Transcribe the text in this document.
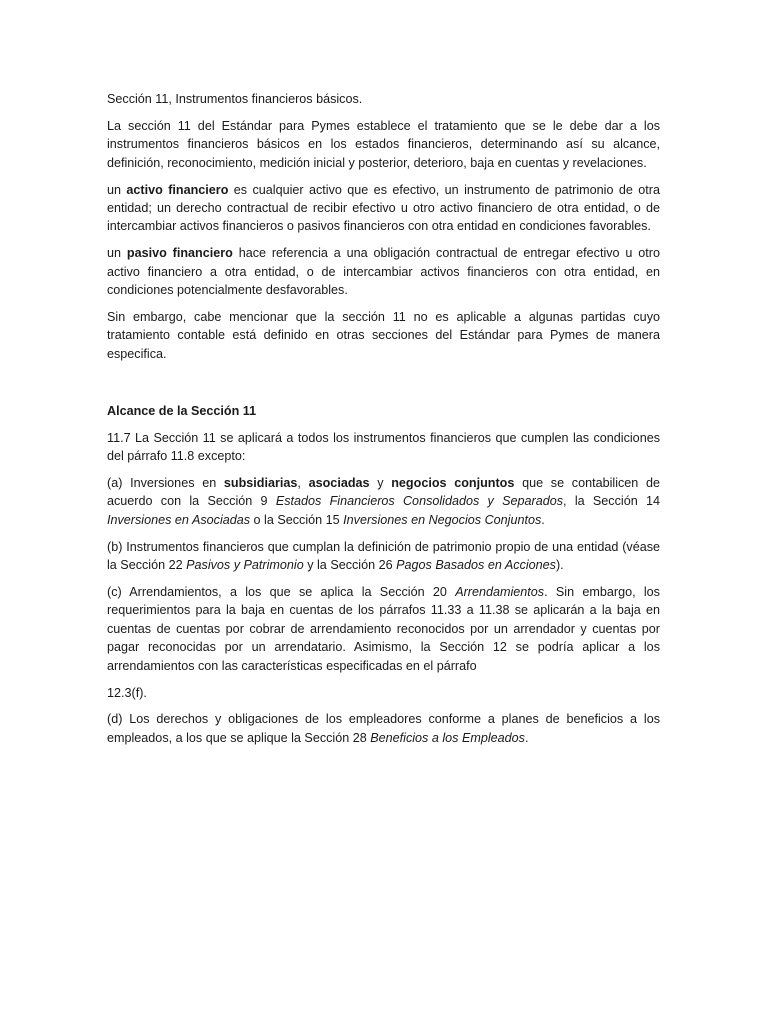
Sección 11, Instrumentos financieros básicos.

La sección 11 del Estándar para Pymes establece el tratamiento que se le debe dar a los instrumentos financieros básicos en los estados financieros, determinando así su alcance, definición, reconocimiento, medición inicial y posterior, deterioro, baja en cuentas y revelaciones.

un activo financiero es cualquier activo que es efectivo, un instrumento de patrimonio de otra entidad; un derecho contractual de recibir efectivo u otro activo financiero de otra entidad, o de intercambiar activos financieros o pasivos financieros con otra entidad en condiciones favorables.

un pasivo financiero hace referencia a una obligación contractual de entregar efectivo u otro activo financiero a otra entidad, o de intercambiar activos financieros con otra entidad, en condiciones potencialmente desfavorables.

Sin embargo, cabe mencionar que la sección 11 no es aplicable a algunas partidas cuyo tratamiento contable está definido en otras secciones del Estándar para Pymes de manera especifica.

Alcance de la Sección 11

11.7 La Sección 11 se aplicará a todos los instrumentos financieros que cumplen las condiciones del párrafo 11.8 excepto:

(a) Inversiones en subsidiarias, asociadas y negocios conjuntos que se contabilicen de acuerdo con la Sección 9 Estados Financieros Consolidados y Separados, la Sección 14 Inversiones en Asociadas o la Sección 15 Inversiones en Negocios Conjuntos.

(b) Instrumentos financieros que cumplan la definición de patrimonio propio de una entidad (véase la Sección 22 Pasivos y Patrimonio y la Sección 26 Pagos Basados en Acciones).

(c) Arrendamientos, a los que se aplica la Sección 20 Arrendamientos. Sin embargo, los requerimientos para la baja en cuentas de los párrafos 11.33 a 11.38 se aplicarán a la baja en cuentas de cuentas por cobrar de arrendamiento reconocidos por un arrendador y cuentas por pagar reconocidas por un arrendatario. Asimismo, la Sección 12 se podría aplicar a los arrendamientos con las características especificadas en el párrafo

12.3(f).

(d) Los derechos y obligaciones de los empleadores conforme a planes de beneficios a los empleados, a los que se aplique la Sección 28 Beneficios a los Empleados.
